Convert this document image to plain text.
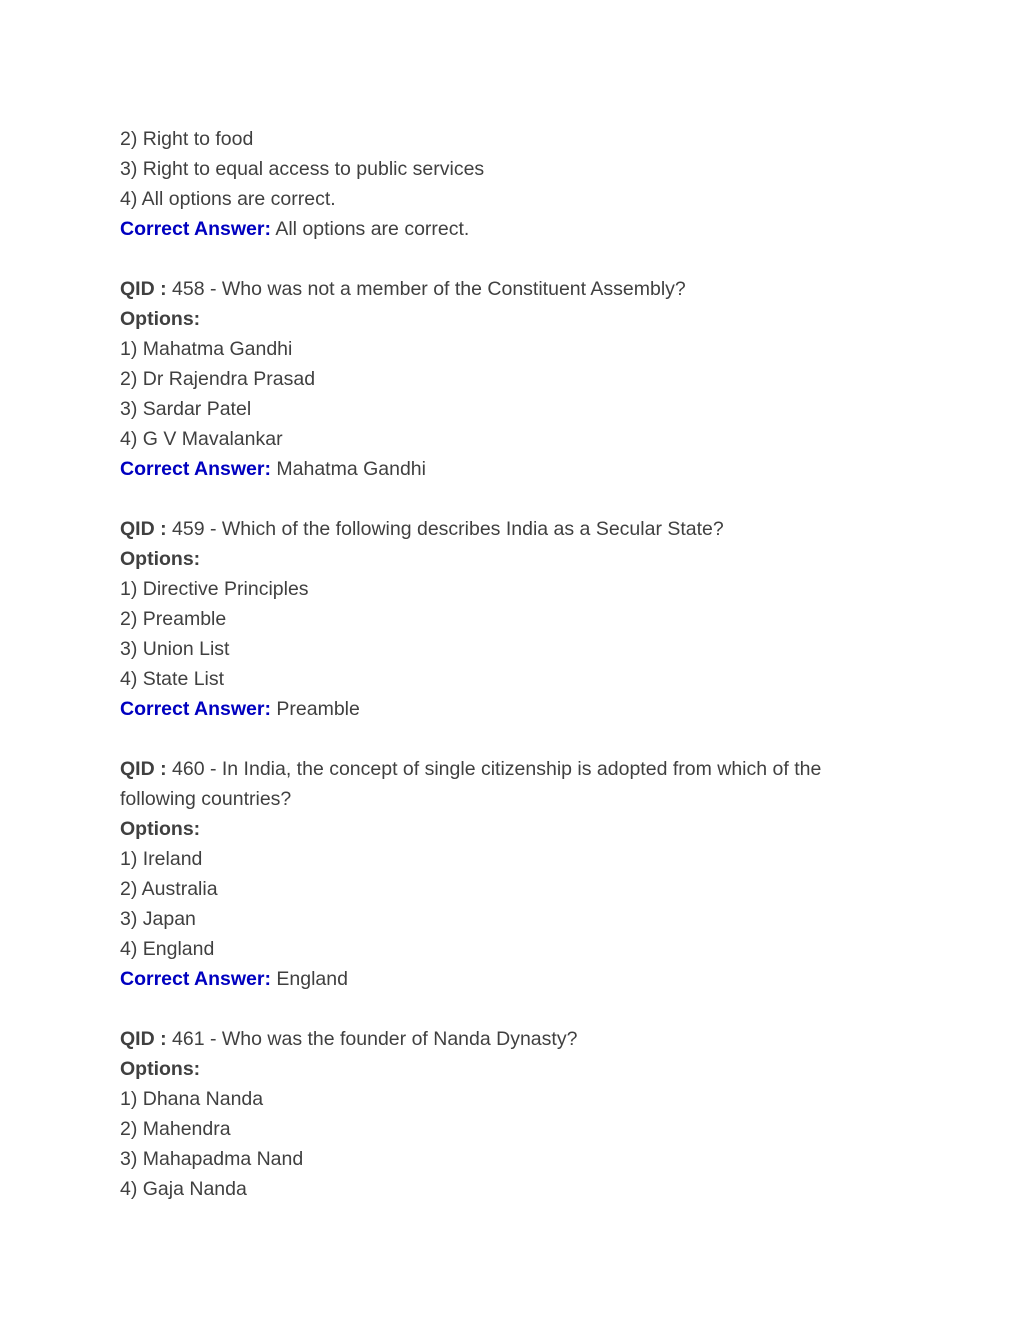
2) Right to food
3) Right to equal access to public services
4) All options are correct.
Correct Answer: All options are correct.
QID : 458 - Who was not a member of the Constituent Assembly?
Options:
1) Mahatma Gandhi
2) Dr Rajendra Prasad
3) Sardar Patel
4) G V Mavalankar
Correct Answer: Mahatma Gandhi
QID : 459 - Which of the following describes India as a Secular State?
Options:
1) Directive Principles
2) Preamble
3) Union List
4) State List
Correct Answer: Preamble
QID : 460 - In India, the concept of single citizenship is adopted from which of the
following countries?
Options:
1) Ireland
2) Australia
3) Japan
4) England
Correct Answer: England
QID : 461 - Who was the founder of Nanda Dynasty?
Options:
1) Dhana Nanda
2) Mahendra
3) Mahapadma Nand
4) Gaja Nanda
